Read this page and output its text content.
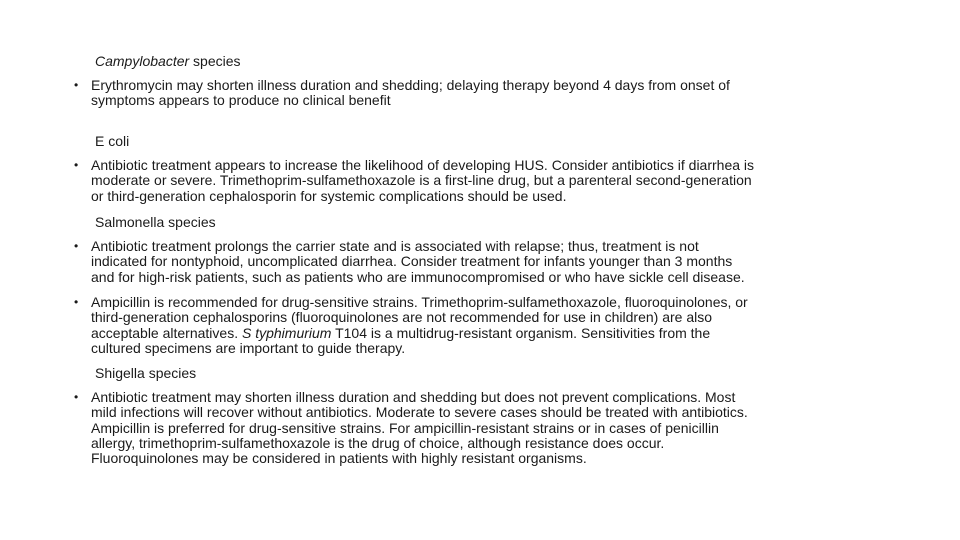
Campylobacter species
• Erythromycin may shorten illness duration and shedding; delaying therapy beyond 4 days from onset of
symptoms appears to produce no clinical benefit
E coli
• Antibiotic treatment appears to increase the likelihood of developing HUS. Consider antibiotics if diarrhea is
moderate or severe. Trimethoprim-sulfamethoxazole is a first-line drug, but a parenteral second-generation
or third-generation cephalosporin for systemic complications should be used.
Salmonella species
• Antibiotic treatment prolongs the carrier state and is associated with relapse; thus, treatment is not
indicated for nontyphoid, uncomplicated diarrhea. Consider treatment for infants younger than 3 months
and for high-risk patients, such as patients who are immunocompromised or who have sickle cell disease.
• Ampicillin is recommended for drug-sensitive strains. Trimethoprim-sulfamethoxazole, fluoroquinolones, or
third-generation cephalosporins (fluoroquinolones are not recommended for use in children) are also
acceptable alternatives. S typhimurium T104 is a multidrug-resistant organism. Sensitivities from the
cultured specimens are important to guide therapy.
Shigella species
• Antibiotic treatment may shorten illness duration and shedding but does not prevent complications. Most
mild infections will recover without antibiotics. Moderate to severe cases should be treated with antibiotics.
Ampicillin is preferred for drug-sensitive strains. For ampicillin-resistant strains or in cases of penicillin
allergy, trimethoprim-sulfamethoxazole is the drug of choice, although resistance does occur.
Fluoroquinolones may be considered in patients with highly resistant organisms.
